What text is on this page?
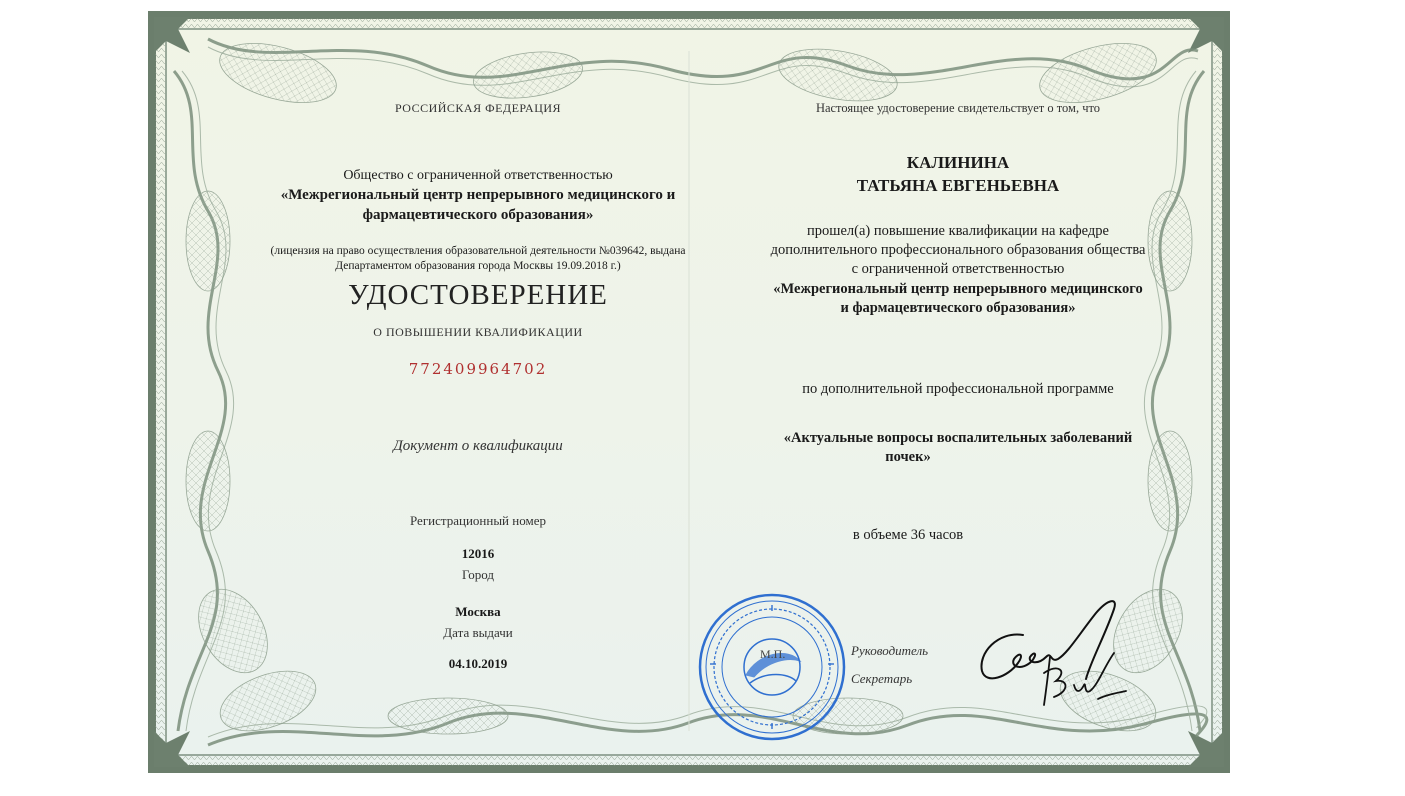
РОССИЙСКАЯ ФЕДЕРАЦИЯ
Общество с ограниченной ответственностью
«Межрегиональный центр непрерывного медицинского и
фармацевтического образования»
(лицензия на право осуществления образовательной деятельности №039642, выдана
Департаментом образования города Москвы 19.09.2018 г.)
УДОСТОВЕРЕНИЕ
О ПОВЫШЕНИИ КВАЛИФИКАЦИИ
772409964702
Документ о квалификации
Регистрационный номер
12016
Город
Москва
Дата выдачи
04.10.2019
Настоящее удостоверение свидетельствует о том, что
КАЛИНИНА
ТАТЬЯНА ЕВГЕНЬЕВНА
прошел(а) повышение квалификации на кафедре
дополнительного профессионального образования общества
с ограниченной ответственностью
«Межрегиональный центр непрерывного медицинского
и фармацевтического образования»
по дополнительной профессиональной программе
«Актуальные вопросы воспалительных заболеваний
почек»
в объеме 36 часов
М.П.	Руководитель
Секретарь
